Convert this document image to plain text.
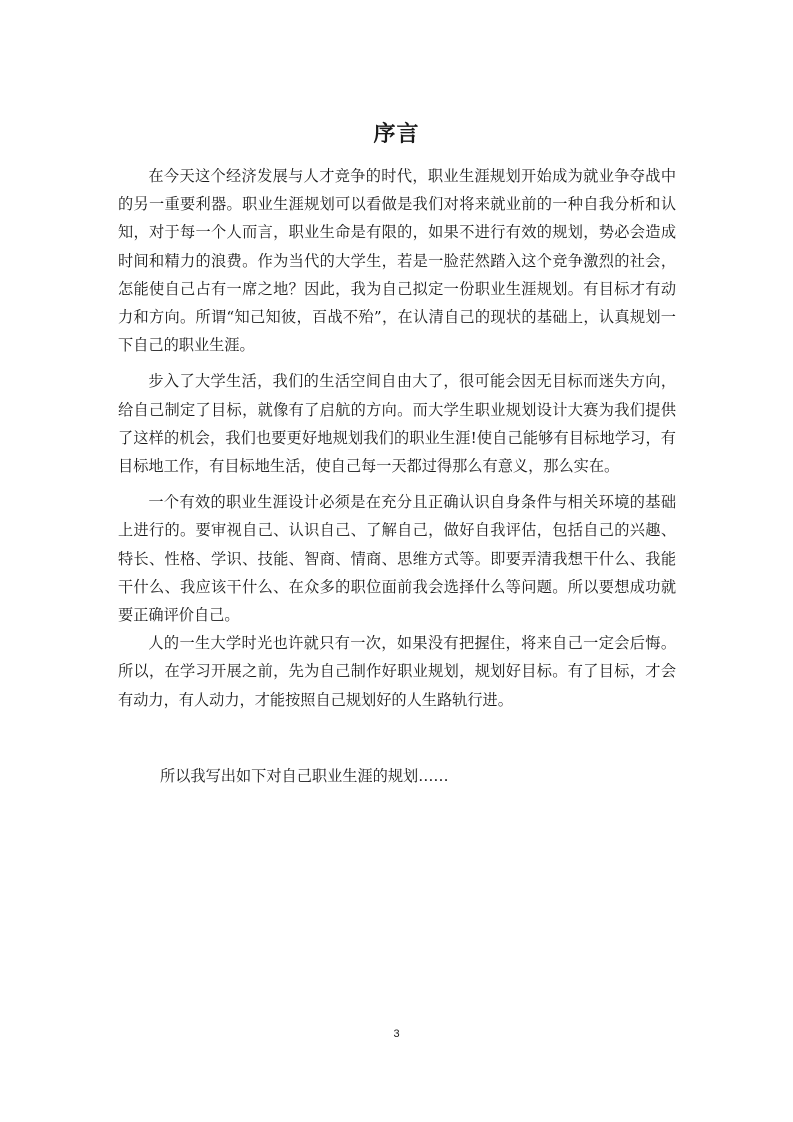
序言

在今天这个经济发展与人才竞争的时代，职业生涯规划开始成为就业争夺战中的另一重要利器。职业生涯规划可以看做是我们对将来就业前的一种自我分析和认知，对于每一个人而言，职业生命是有限的，如果不进行有效的规划，势必会造成时间和精力的浪费。作为当代的大学生，若是一脸茫然踏入这个竞争激烈的社会，怎能使自己占有一席之地？因此，我为自己拟定一份职业生涯规划。有目标才有动力和方向。所谓“知己知彼，百战不殆”，在认清自己的现状的基础上，认真规划一下自己的职业生涯。

步入了大学生活，我们的生活空间自由大了，很可能会因无目标而迷失方向，给自己制定了目标，就像有了启航的方向。而大学生职业规划设计大赛为我们提供了这样的机会，我们也要更好地规划我们的职业生涯!使自己能够有目标地学习，有目标地工作，有目标地生活，使自己每一天都过得那么有意义，那么实在。

一个有效的职业生涯设计必须是在充分且正确认识自身条件与相关环境的基础上进行的。要审视自己、认识自己、了解自己，做好自我评估，包括自己的兴趣、特长、性格、学识、技能、智商、情商、思维方式等。即要弄清我想干什么、我能干什么、我应该干什么、在众多的职位面前我会选择什么等问题。所以要想成功就要正确评价自己。

人的一生大学时光也许就只有一次，如果没有把握住，将来自己一定会后悔。所以，在学习开展之前，先为自己制作好职业规划，规划好目标。有了目标，才会有动力，有人动力，才能按照自己规划好的人生路轨行进。

所以我写出如下对自己职业生涯的规划……

3
